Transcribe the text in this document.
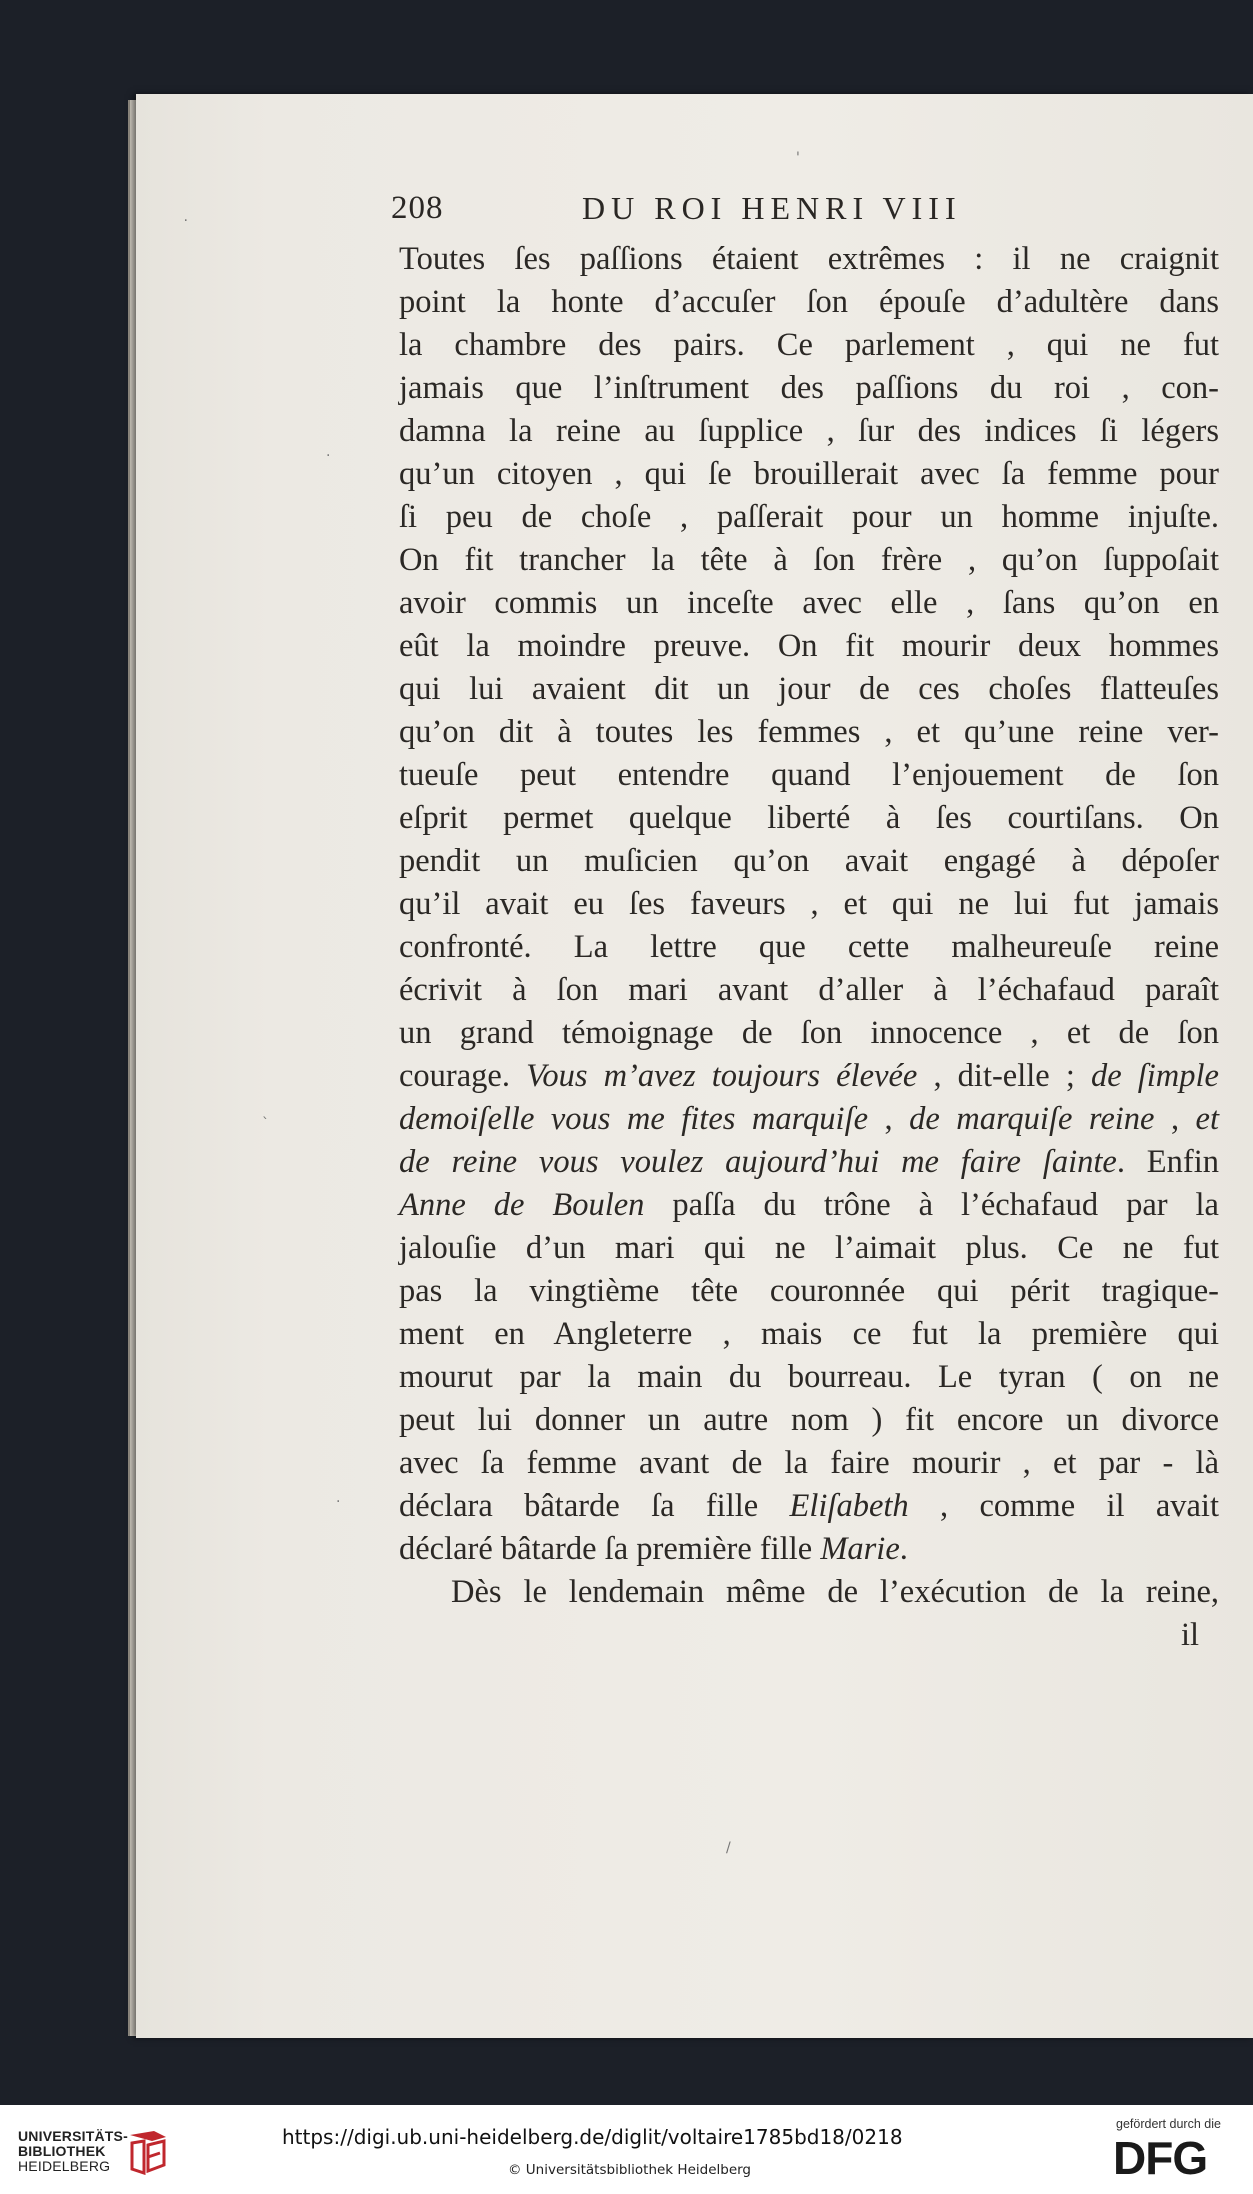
٠
'
·
`
·
/
208	DU ROI HENRI VIII
Toutes ſes paſſions étaient extrêmes : il ne craignit
point la honte d’accuſer ſon épouſe d’adultère dans
la chambre des pairs. Ce parlement , qui ne fut
jamais que l’inſtrument des paſſions du roi , con-
damna la reine au ſupplice , ſur des indices ſi légers
qu’un citoyen , qui ſe brouillerait avec ſa femme pour
ſi peu de choſe , paſſerait pour un homme injuſte.
On fit trancher la tête à ſon frère , qu’on ſuppoſait
avoir commis un inceſte avec elle , ſans qu’on en
eût la moindre preuve. On fit mourir deux hommes
qui lui avaient dit un jour de ces choſes flatteuſes
qu’on dit à toutes les femmes , et qu’une reine ver-
tueuſe peut entendre quand l’enjouement de ſon
eſprit permet quelque liberté à ſes courtiſans. On
pendit un muſicien qu’on avait engagé à dépoſer
qu’il avait eu ſes faveurs , et qui ne lui fut jamais
confronté. La lettre que cette malheureuſe reine
écrivit à ſon mari avant d’aller à l’échafaud paraît
un grand témoignage de ſon innocence , et de ſon
courage. Vous m’avez toujours élevée , dit-elle ; de ſimple
demoiſelle vous me fites marquiſe , de marquiſe reine , et
de reine vous voulez aujourd’hui me faire ſainte. Enfin
Anne de Boulen paſſa du trône à l’échafaud par la
jalouſie d’un mari qui ne l’aimait plus. Ce ne fut
pas la vingtième tête couronnée qui périt tragique-
ment en Angleterre , mais ce fut la première qui
mourut par la main du bourreau. Le tyran ( on ne
peut lui donner un autre nom ) fit encore un divorce
avec ſa femme avant de la faire mourir , et par - là
déclara bâtarde ſa fille Eliſabeth , comme il avait
déclaré bâtarde ſa première fille Marie.
Dès le lendemain même de l’exécution de la reine,
il
UNIVERSITÄTS-
BIBLIOTHEK
HEIDELBERG
https://digi.ub.uni-heidelberg.de/diglit/voltaire1785bd18/0218
© Universitätsbibliothek Heidelberg
gefördert durch die
DFG
